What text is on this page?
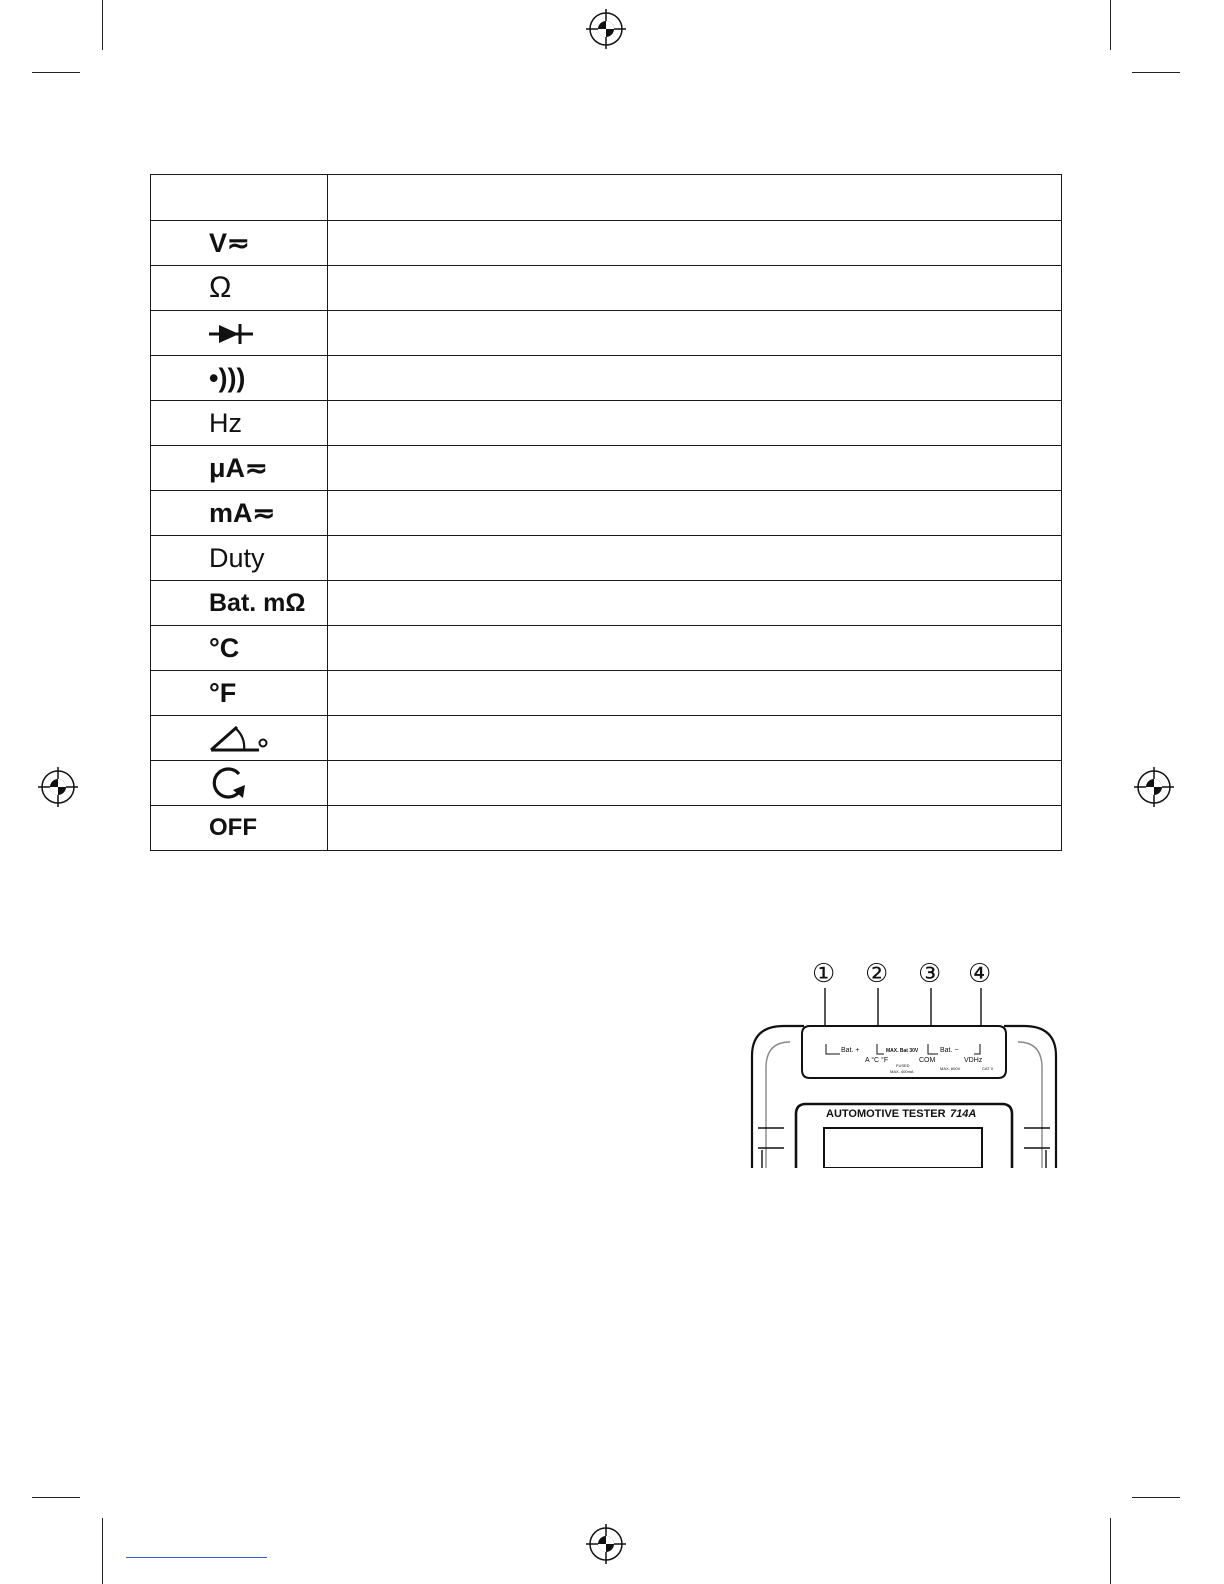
V≂	

Ω	

•)))	

Hz	

μA≂	

mA≂	

Duty	

Bat. mΩ	

°C	

°F	

OFF	

① ② ③ ④
Bat. +
A °C °F
MAX. Bat 30V
FUSED
MAX. 400mA
Bat. −
COM
MAX. 600V
VDHz
CAT II
AUTOMOTIVE TESTER 714A
